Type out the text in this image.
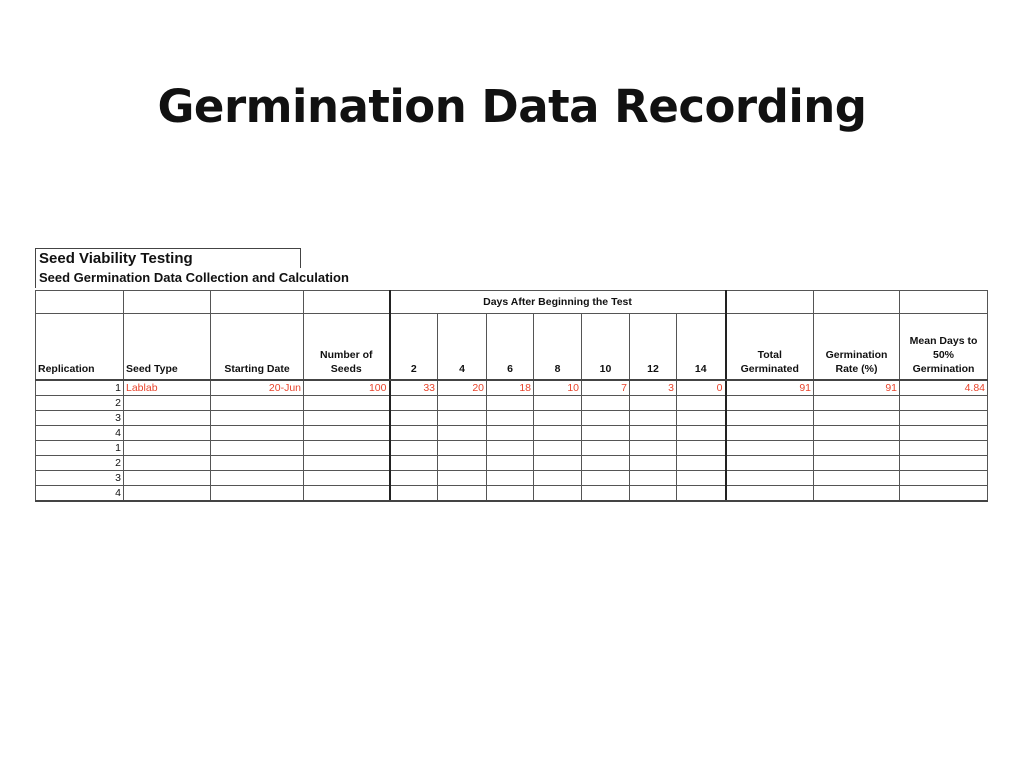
Germination Data Recording
Seed Viability Testing
Seed Germination Data Collection and Calculation
				Days After Beginning the Test									
Replication	Seed Type	Starting Date	Number of Seeds	2	4	6	8	10	12	14	Total Germinated	Germination Rate (%)	Mean Days to 50% Germination
1	Lablab	20-Jun	100	33	20	18	10	7	3	0	91	91	4.84
2													
3													
4													
1													
2													
3													
4													
